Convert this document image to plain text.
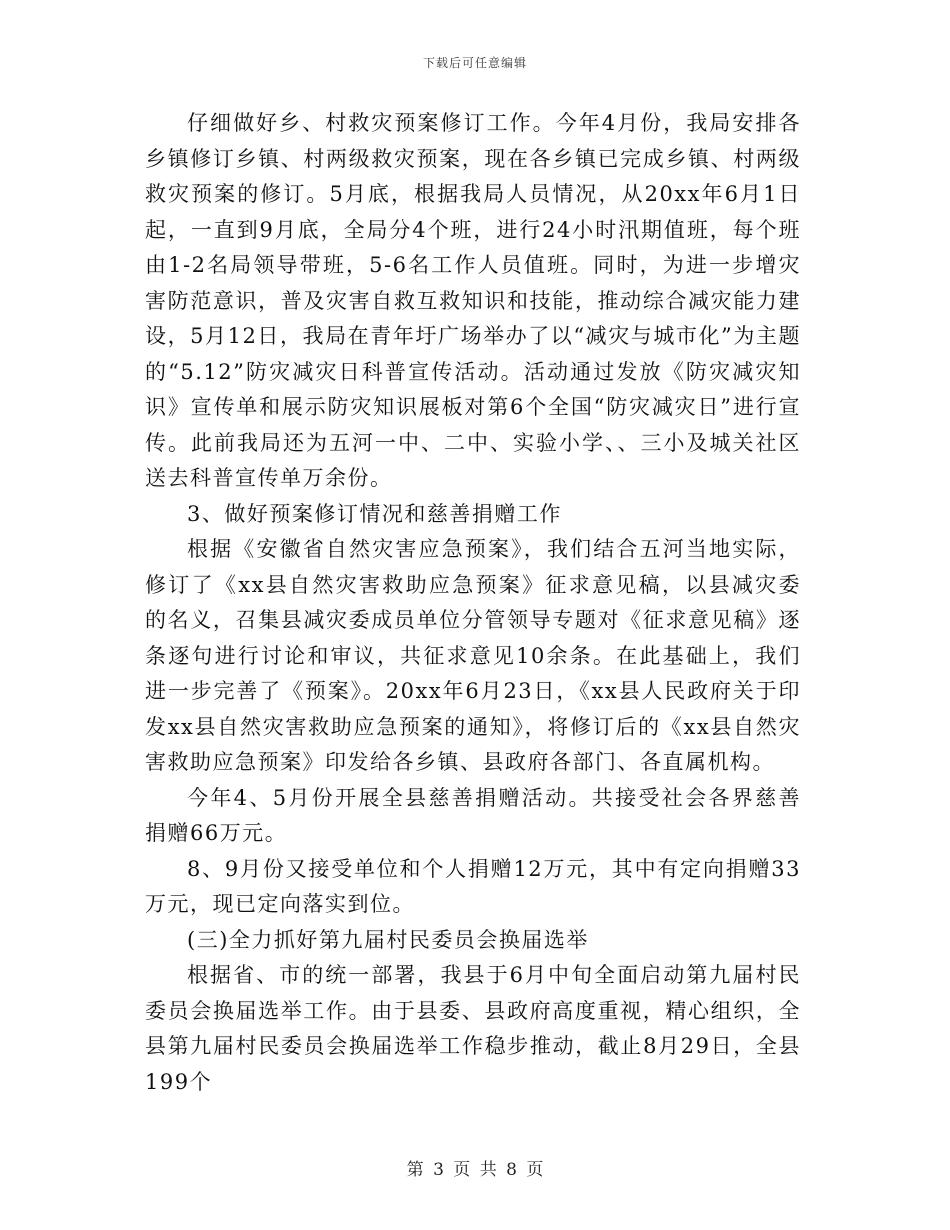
下载后可任意编辑

仔细做好乡、村救灾预案修订工作。今年4月份，我局安排各乡镇修订乡镇、村两级救灾预案，现在各乡镇已完成乡镇、村两级救灾预案的修订。5月底，根据我局人员情况，从20xx年6月1日起，一直到9月底，全局分4个班，进行24小时汛期值班，每个班由1-2名局领导带班，5-6名工作人员值班。同时，为进一步增灾害防范意识，普及灾害自救互救知识和技能，推动综合减灾能力建设，5月12日，我局在青年圩广场举办了以“减灾与城市化”为主题的“5.12”防灾减灾日科普宣传活动。活动通过发放《防灾减灾知识》宣传单和展示防灾知识展板对第6个全国“防灾减灾日”进行宣传。此前我局还为五河一中、二中、实验小学、、三小及城关社区送去科普宣传单万余份。

3、做好预案修订情况和慈善捐赠工作

根据《安徽省自然灾害应急预案》，我们结合五河当地实际，修订了《xx县自然灾害救助应急预案》征求意见稿，以县减灾委的名义，召集县减灾委成员单位分管领导专题对《征求意见稿》逐条逐句进行讨论和审议，共征求意见10余条。在此基础上，我们进一步完善了《预案》。20xx年6月23日，《xx县人民政府关于印发xx县自然灾害救助应急预案的通知》，将修订后的《xx县自然灾害救助应急预案》印发给各乡镇、县政府各部门、各直属机构。

今年4、5月份开展全县慈善捐赠活动。共接受社会各界慈善捐赠66万元。

8、9月份又接受单位和个人捐赠12万元，其中有定向捐赠33万元，现已定向落实到位。

(三)全力抓好第九届村民委员会换届选举

根据省、市的统一部署，我县于6月中旬全面启动第九届村民委员会换届选举工作。由于县委、县政府高度重视，精心组织，全县第九届村民委员会换届选举工作稳步推动，截止8月29日，全县199个

第 3 页 共 8 页
